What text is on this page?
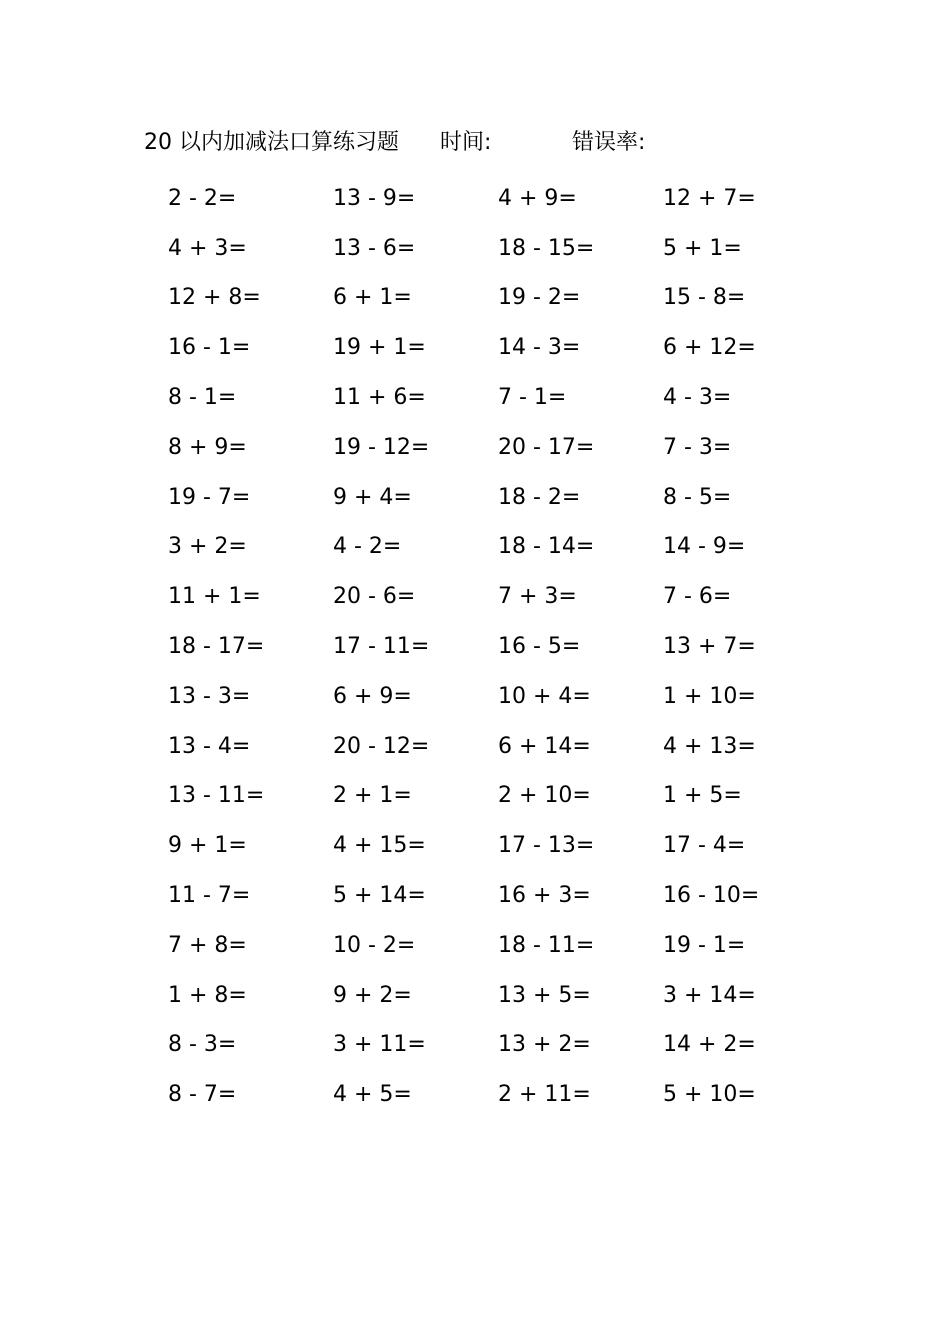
20 以内加减法口算练习题 时间:	错误率:
2 - 2=	13 - 9=	4 + 9=	12 + 7=
4 + 3=	13 - 6=	18 - 15=	5 + 1=
12 + 8=	6 + 1=	19 - 2=	15 - 8=
16 - 1=	19 + 1=	14 - 3=	6 + 12=
8 - 1=	11 + 6=	7 - 1=	4 - 3=
8 + 9=	19 - 12=	20 - 17=	7 - 3=
19 - 7=	9 + 4=	18 - 2=	8 - 5=
3 + 2=	4 - 2=	18 - 14=	14 - 9=
11 + 1=	20 - 6=	7 + 3=	7 - 6=
18 - 17=	17 - 11=	16 - 5=	13 + 7=
13 - 3=	6 + 9=	10 + 4=	1 + 10=
13 - 4=	20 - 12=	6 + 14=	4 + 13=
13 - 11=	2 + 1=	2 + 10=	1 + 5=
9 + 1=	4 + 15=	17 - 13=	17 - 4=
11 - 7=	5 + 14=	16 + 3=	16 - 10=
7 + 8=	10 - 2=	18 - 11=	19 - 1=
1 + 8=	9 + 2=	13 + 5=	3 + 14=
8 - 3=	3 + 11=	13 + 2=	14 + 2=
8 - 7=	4 + 5=	2 + 11=	5 + 10=
